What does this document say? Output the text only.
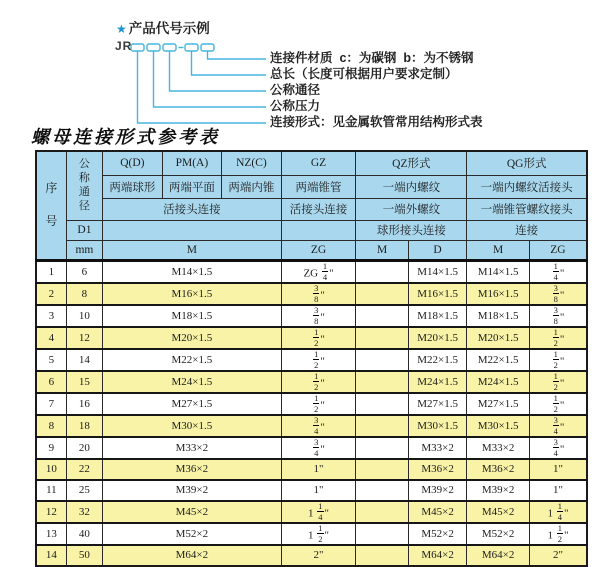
★ 产品代号示例
JR
连接件材质  c：为碳钢  b：为不锈钢
总长（长度可根据用户要求定制）
公称通径
公称压力
连接形式：见金属软管常用结构形式表
螺母连接形式参考表
序号	公称通径	Q(D)	PM(A)	NZ(C)	GZ	QZ形式		QG形式	
		两端球形	两端平面	两端内锥	两端锥管	一端内螺纹		一端内螺纹活接头	
		活接头连接			活接头连接	一端外螺纹		一端锥管螺纹接头	
	D1					球形接头连接		连接	
	mm	M			ZG	M	D	M	ZG
1	6	M14×1.5			ZG $\frac{1}{4}$ "		M14×1.5	M14×1.5	$\frac{1}{4}$ "
2	8	M16×1.5			$\frac{3}{8}$ "		M16×1.5	M16×1.5	$\frac{3}{8}$ "
3	10	M18×1.5			$\frac{3}{8}$ "		M18×1.5	M18×1.5	$\frac{3}{8}$ "
4	12	M20×1.5			$\frac{1}{2}$ "		M20×1.5	M20×1.5	$\frac{1}{2}$ "
5	14	M22×1.5			$\frac{1}{2}$ "		M22×1.5	M22×1.5	$\frac{1}{2}$ "
6	15	M24×1.5			$\frac{1}{2}$ "		M24×1.5	M24×1.5	$\frac{1}{2}$ "
7	16	M27×1.5			$\frac{1}{2}$ "		M27×1.5	M27×1.5	$\frac{1}{2}$ "
8	18	M30×1.5			$\frac{3}{4}$ "		M30×1.5	M30×1.5	$\frac{3}{4}$ "
9	20	M33×2			$\frac{3}{4}$ "		M33×2	M33×2	$\frac{3}{4}$ "
10	22	M36×2			1"		M36×2	M36×2	1"
11	25	M39×2			1"		M39×2	M39×2	1"
12	32	M45×2			$1 \frac{1}{4}$ "		M45×2	M45×2	$1 \frac{1}{4}$ "
13	40	M52×2			$1 \frac{1}{2}$ "		M52×2	M52×2	$1 \frac{1}{2}$ "
14	50	M64×2			2"		M64×2	M64×2	2"
